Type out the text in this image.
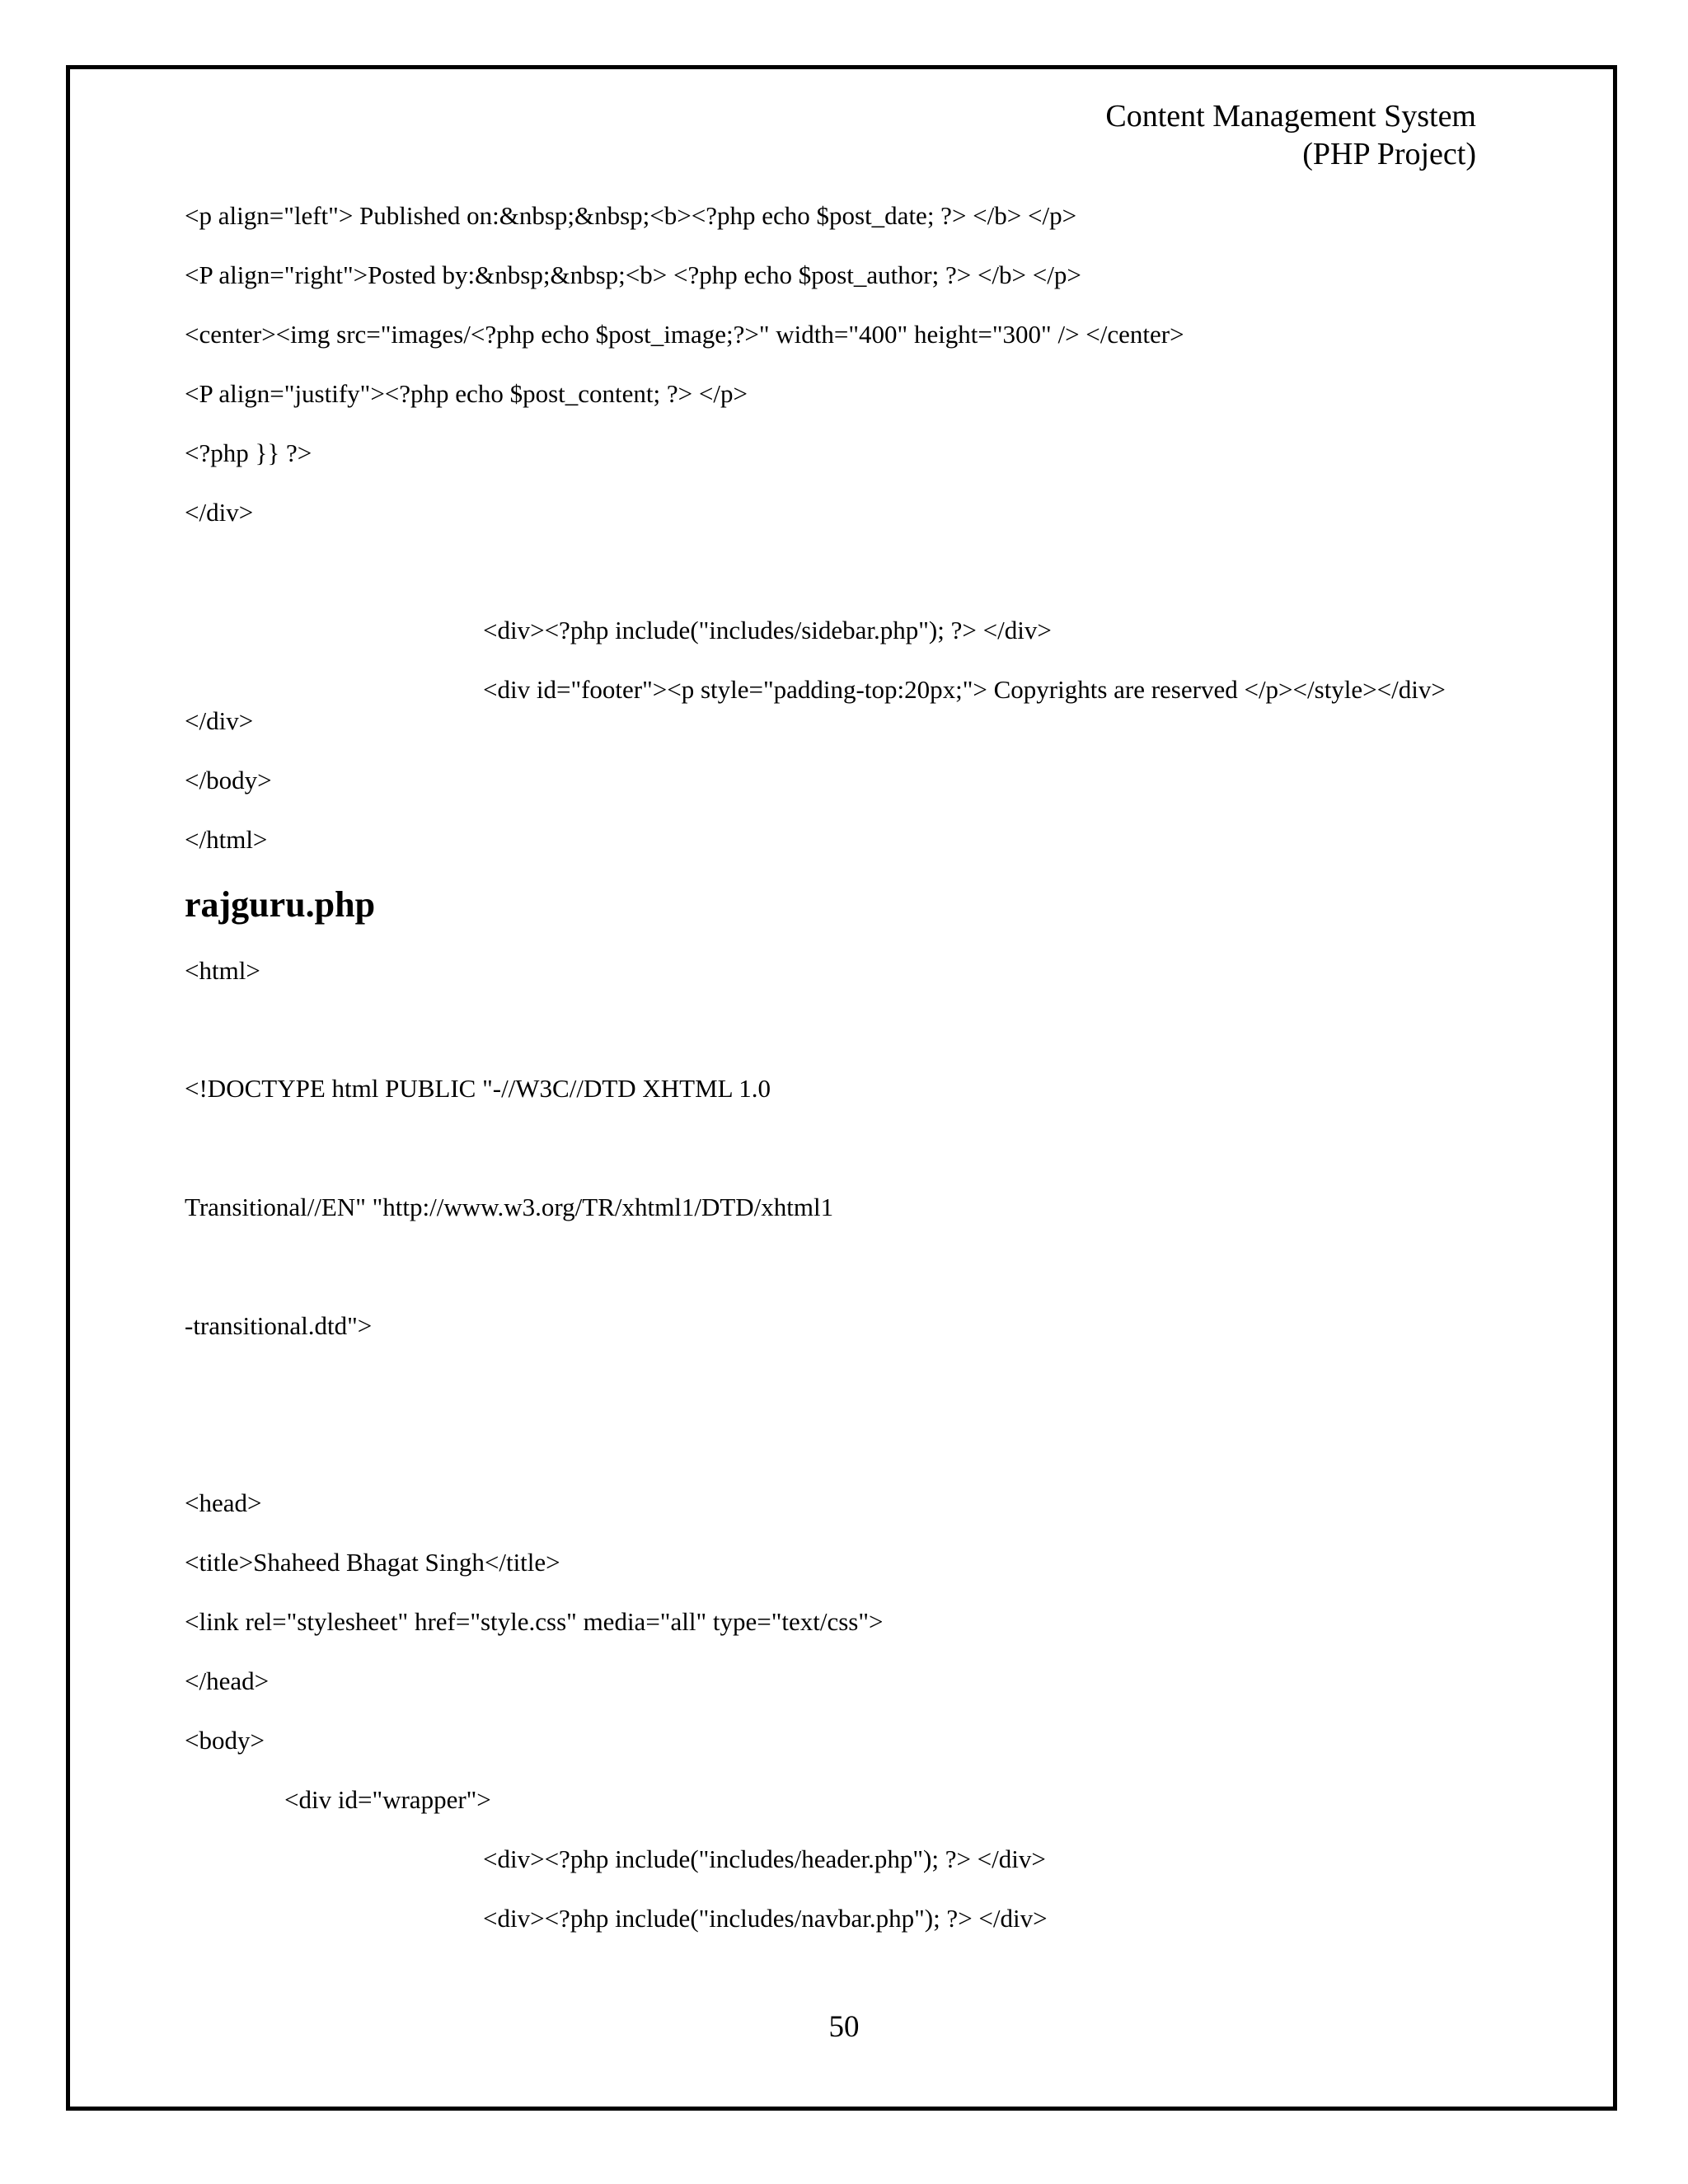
Content Management System
(PHP Project)
<p align="left"> Published on:&nbsp;&nbsp;<b><?php echo $post_date; ?> </b> </p>
<P align="right">Posted by:&nbsp;&nbsp;<b> <?php echo $post_author; ?> </b> </p>
<center><img src="images/<?php echo $post_image;?>" width="400" height="300" /> </center>
<P align="justify"><?php echo $post_content; ?> </p>
<?php }} ?>
</div>
<div><?php include("includes/sidebar.php"); ?> </div>
<div id="footer"><p style="padding-top:20px;"> Copyrights are reserved </p></style></div>
</div>
</body>
</html>
rajguru.php
<html>
<!DOCTYPE html PUBLIC "-//W3C//DTD XHTML 1.0
Transitional//EN" "http://www.w3.org/TR/xhtml1/DTD/xhtml1
-transitional.dtd">
<head>
<title>Shaheed Bhagat Singh</title>
<link rel="stylesheet" href="style.css" media="all" type="text/css">
</head>
<body>
<div id="wrapper">
<div><?php include("includes/header.php"); ?> </div>
<div><?php include("includes/navbar.php"); ?> </div>
50
